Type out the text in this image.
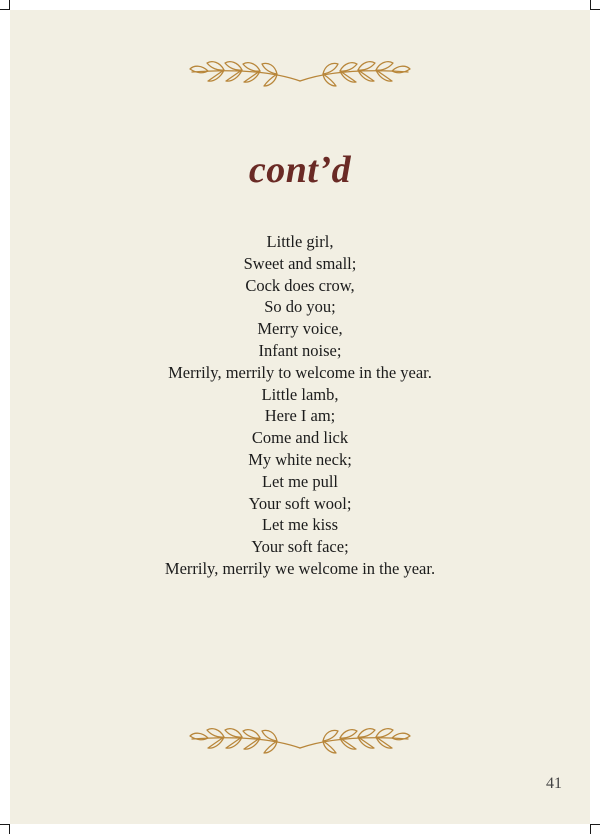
cont’d
Little girl,
Sweet and small;
Cock does crow,
So do you;
Merry voice,
Infant noise;
Merrily, merrily to welcome in the year.
Little lamb,
Here I am;
Come and lick
My white neck;
Let me pull
Your soft wool;
Let me kiss
Your soft face;
Merrily, merrily we welcome in the year.
41
